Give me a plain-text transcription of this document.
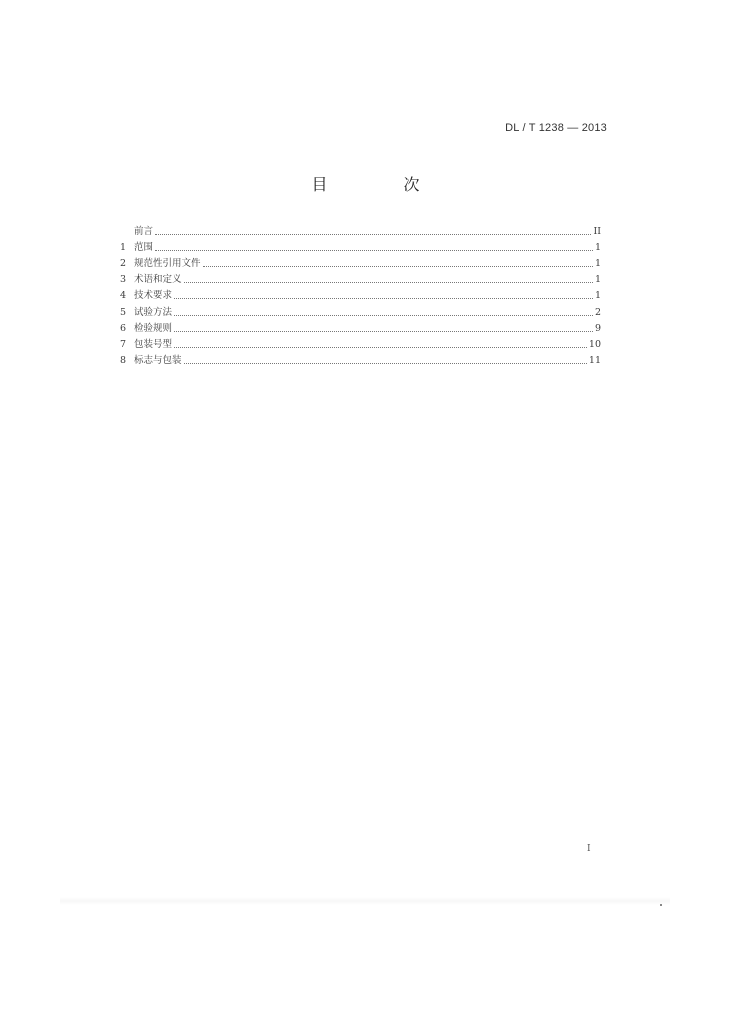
DL / T 1238 — 2013
目　次
前言	II
1 范围	1
2 规范性引用文件	1
3 术语和定义	1
4 技术要求	1
5 试验方法	2
6 检验规则	9
7 包装号型	10
8 标志与包装	11
I
